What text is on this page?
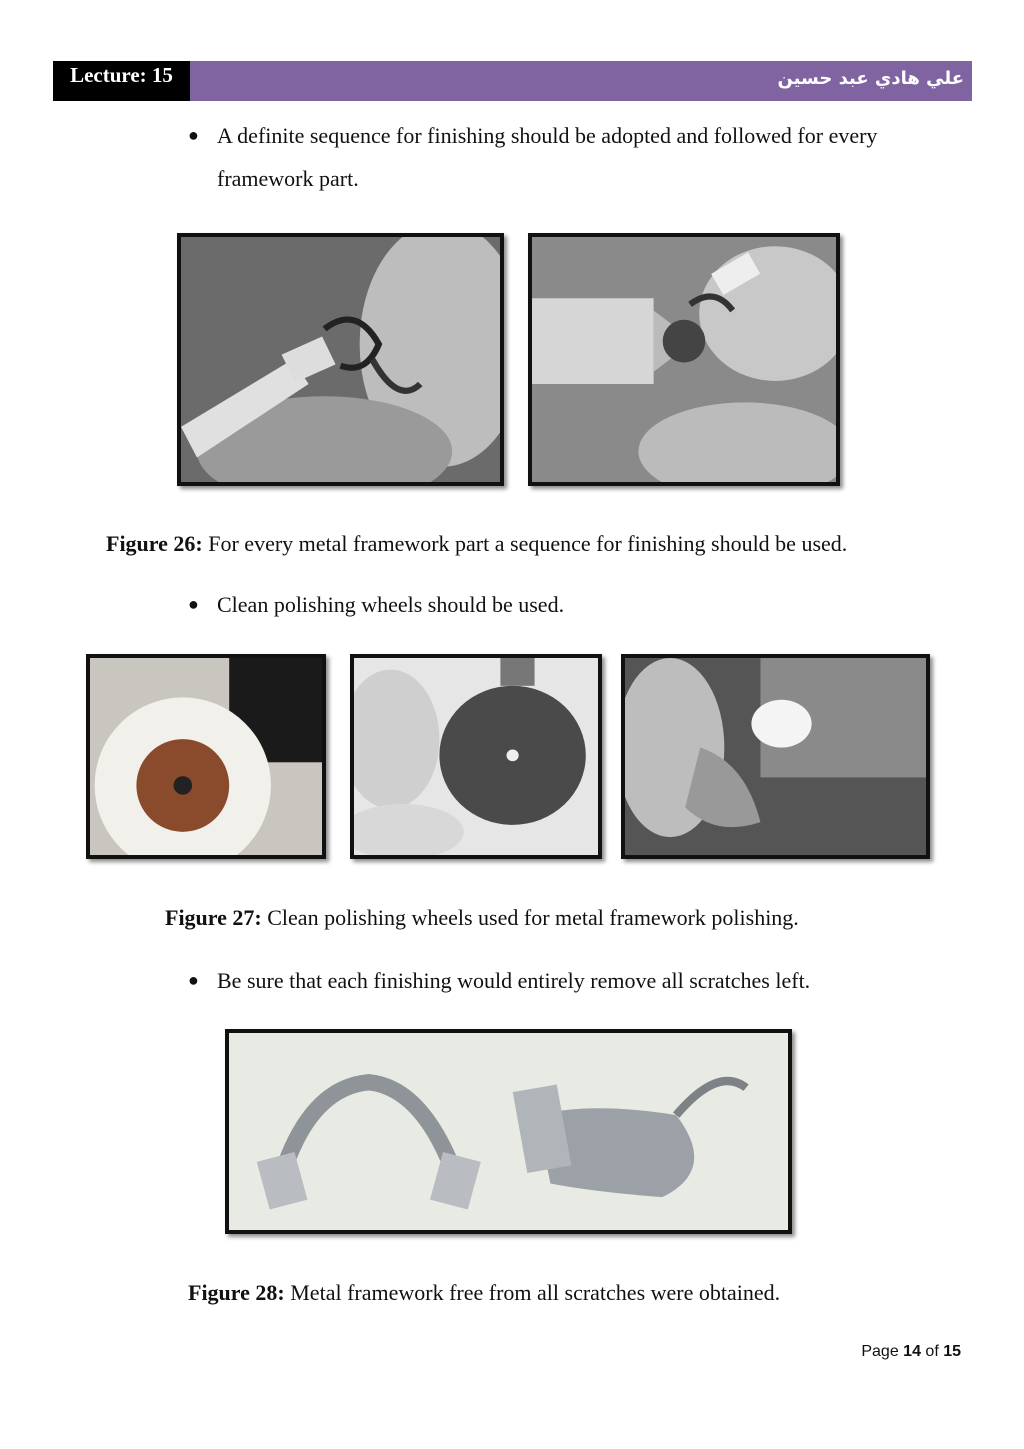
Lecture: 15	علي هادي عبد حسين
● A definite sequence for finishing should be adopted and followed for every framework part.
Figure 26: For every metal framework part a sequence for finishing should be used.
● Clean polishing wheels should be used.
Figure 27: Clean polishing wheels used for metal framework polishing.
● Be sure that each finishing would entirely remove all scratches left.
Figure 28: Metal framework free from all scratches were obtained.
Page 14 of 15
